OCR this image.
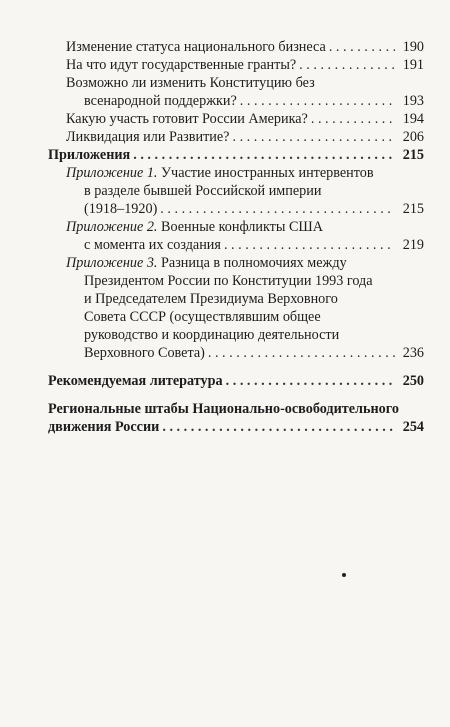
Изменение статуса национального бизнеса . . .	190
На что идут государственные гранты? . . .	191
Возможно ли изменить Конституцию без
всенародной поддержки? . . .	193
Какую участь готовит России Америка? . . .	194
Ликвидация или Развитие? . . .	206
Приложения . . .	215
Приложение 1. Участие иностранных интервентов
в разделе бывшей Российской империи
(1918–1920) . . .	215
Приложение 2. Военные конфликты США
с момента их создания . . .	219
Приложение 3. Разница в полномочиях между
Президентом России по Конституции 1993 года
и Председателем Президиума Верховного
Совета СССР (осуществлявшим общее
руководство и координацию деятельности
Верховного Совета) . . .	236
Рекомендуемая литература . . .	250
Региональные штабы Национально-освободительного
движения России . . .	254
